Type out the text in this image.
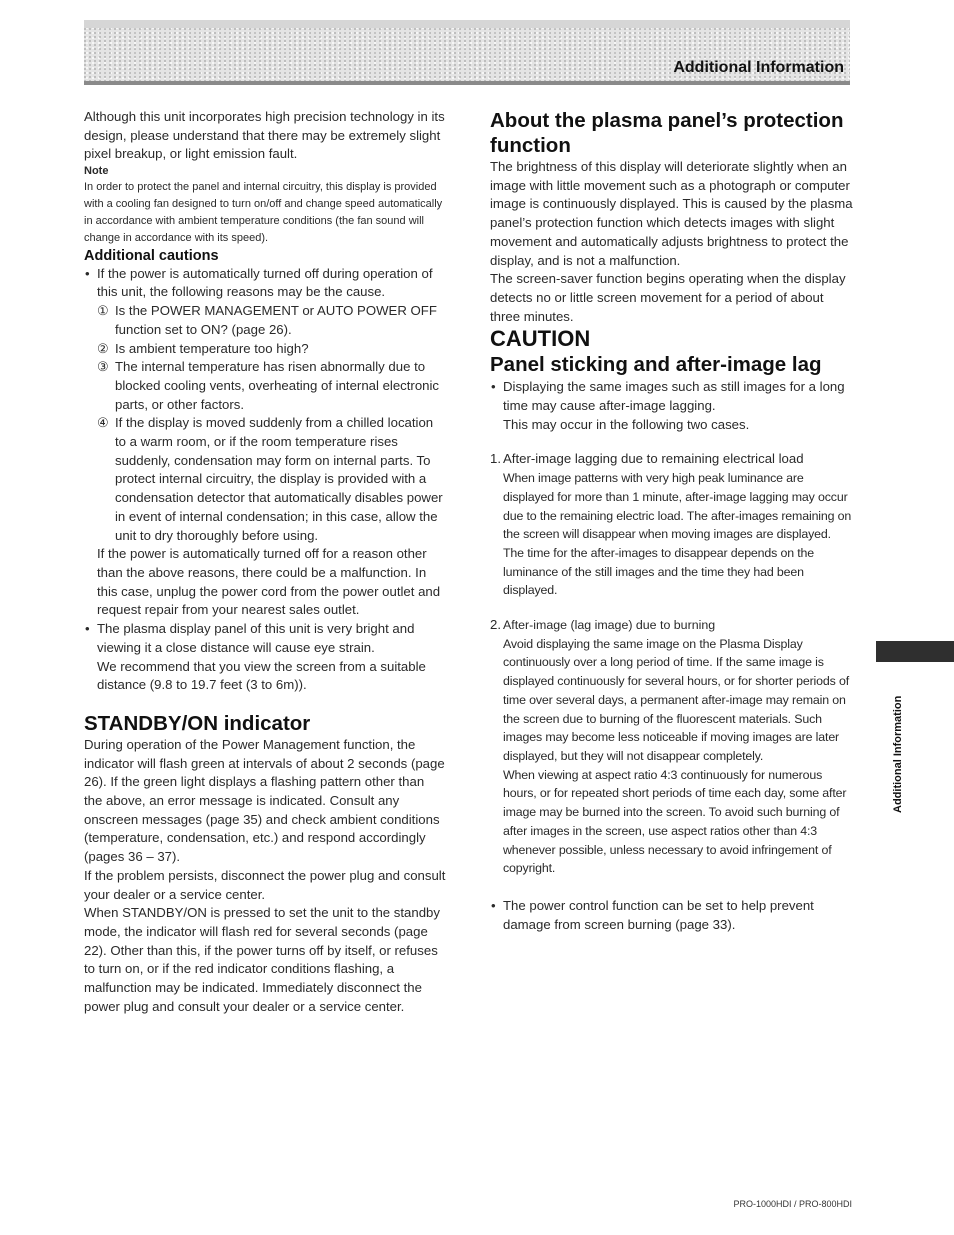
Additional Information

Although this unit incorporates high precision technology in its design, please understand that there may be extremely slight pixel breakup, or light emission fault.

Note

In order to protect the panel and internal circuitry, this display is provided with a cooling fan designed to turn on/off and change speed automatically in accordance with ambient temperature conditions (the fan sound will change in accordance with its speed).

Additional cautions

• If the power is automatically turned off during operation of this unit, the following reasons may be the cause.

① Is the POWER MANAGEMENT or AUTO POWER OFF function set to ON? (page 26).
② Is ambient temperature too high?
③ The internal temperature has risen abnormally due to blocked cooling vents, overheating of internal electronic parts, or other factors.
④ If the display is moved suddenly from a chilled location to a warm room, or if the room temperature rises suddenly, condensation may form on internal parts. To protect internal circuitry, the display is provided with a condensation detector that automatically disables power in event of internal condensation; in this case, allow the unit to dry thoroughly before using.

If the power is automatically turned off for a reason other than the above reasons, there could be a malfunction. In this case, unplug the power cord from the power outlet and request repair from your nearest sales outlet.

• The plasma display panel of this unit is very bright and viewing it a close distance will cause eye strain.

We recommend that you view the screen from a suitable distance (9.8 to 19.7 feet (3 to 6m)).

STANDBY/ON indicator

During operation of the Power Management function, the indicator will flash green at intervals of about 2 seconds (page 26). If the green light displays a flashing pattern other than the above, an error message is indicated. Consult any onscreen messages (page 35) and check ambient conditions (temperature, condensation, etc.) and respond accordingly (pages 36 – 37).

If the problem persists, disconnect the power plug and consult your dealer or a service center.

When STANDBY/ON is pressed to set the unit to the standby mode, the indicator will flash red for several seconds (page 22). Other than this, if the power turns off by itself, or refuses to turn on, or if the red indicator conditions flashing, a malfunction may be indicated. Immediately disconnect the power plug and consult your dealer or a service center.

About the plasma panel’s protection function

The brightness of this display will deteriorate slightly when an image with little movement such as a photograph or computer image is continuously displayed. This is caused by the plasma panel’s protection function which detects images with slight movement and automatically adjusts brightness to protect the display, and is not a malfunction.

The screen-saver function begins operating when the display detects no or little screen movement for a period of about three minutes.

CAUTION

Panel sticking and after-image lag

• Displaying the same images such as still images for a long time may cause after-image lagging.

This may occur in the following two cases.

1. After-image lagging due to remaining electrical load

When image patterns with very high peak luminance are displayed for more than 1 minute, after-image lagging may occur due to the remaining electric load. The after-images remaining on the screen will disappear when moving images are displayed. The time for the after-images to disappear depends on the luminance of the still images and the time they had been displayed.

2. After-image (lag image) due to burning

Avoid displaying the same image on the Plasma Display continuously over a long period of time. If the same image is displayed continuously for several hours, or for shorter periods of time over several days, a permanent after-image may remain on the screen due to burning of the fluorescent materials. Such images may become less noticeable if moving images are later displayed, but they will not disappear completely.

When viewing at aspect ratio 4:3 continuously for numerous hours, or for repeated short periods of time each day, some after image may be burned into the screen. To avoid such burning of after images in the screen, use aspect ratios other than 4:3 whenever possible, unless necessary to avoid infringement of copyright.

• The power control function can be set to help prevent damage from screen burning (page 33).

Additional Information
PRO-1000HDI / PRO-800HDI
